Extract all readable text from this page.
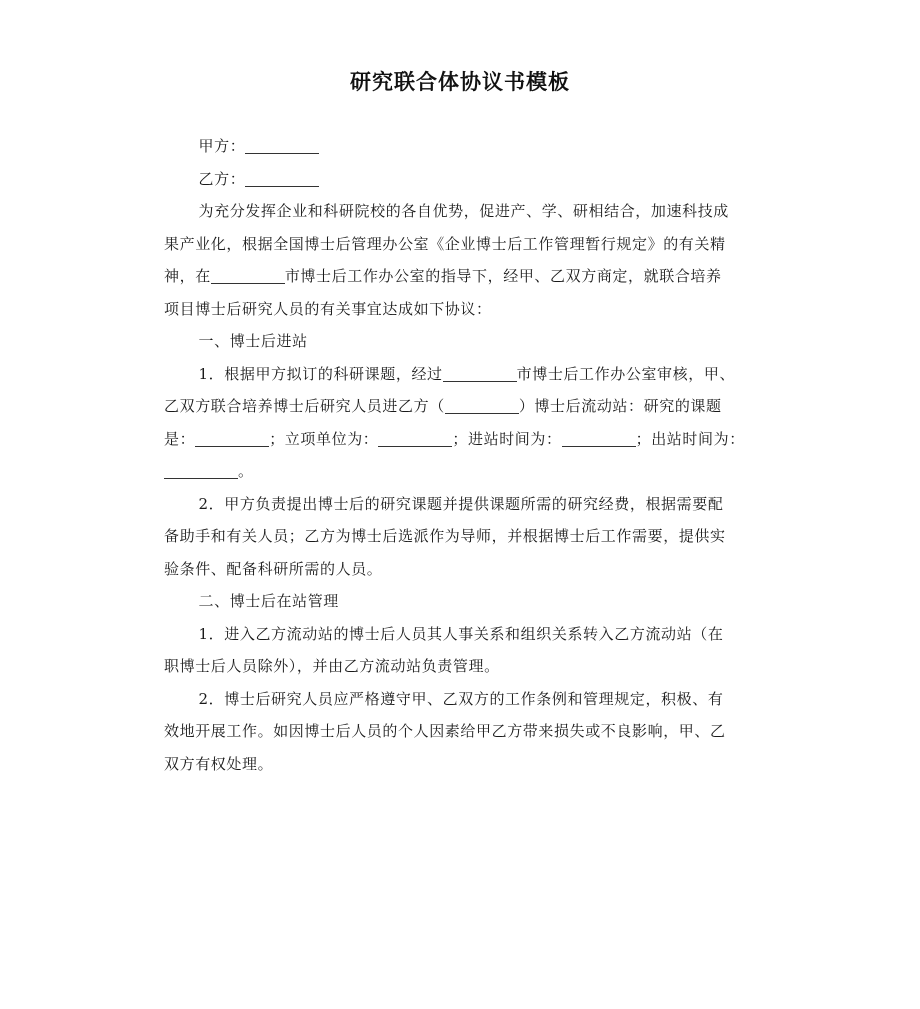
研究联合体协议书模板

甲方：

乙方：

为充分发挥企业和科研院校的各自优势，促进产、学、研相结合，加速科技成
果产业化，根据全国博士后管理办公室《企业博士后工作管理暂行规定》的有关精
神，在	市博士后工作办公室的指导下，经甲、乙双方商定，就联合培养
项目博士后研究人员的有关事宜达成如下协议：

一、博士后进站

1．根据甲方拟订的科研课题，经过	市博士后工作办公室审核，甲、
乙双方联合培养博士后研究人员进乙方（	）博士后流动站：研究的课题
是：	；立项单位为：	；进站时间为：	；出站时间为：
。

2．甲方负责提出博士后的研究课题并提供课题所需的研究经费，根据需要配
备助手和有关人员；乙方为博士后选派作为导师，并根据博士后工作需要，提供实
验条件、配备科研所需的人员。

二、博士后在站管理

1．进入乙方流动站的博士后人员其人事关系和组织关系转入乙方流动站（在
职博士后人员除外），并由乙方流动站负责管理。

2．博士后研究人员应严格遵守甲、乙双方的工作条例和管理规定，积极、有
效地开展工作。如因博士后人员的个人因素给甲乙方带来损失或不良影响，甲、乙
双方有权处理。
